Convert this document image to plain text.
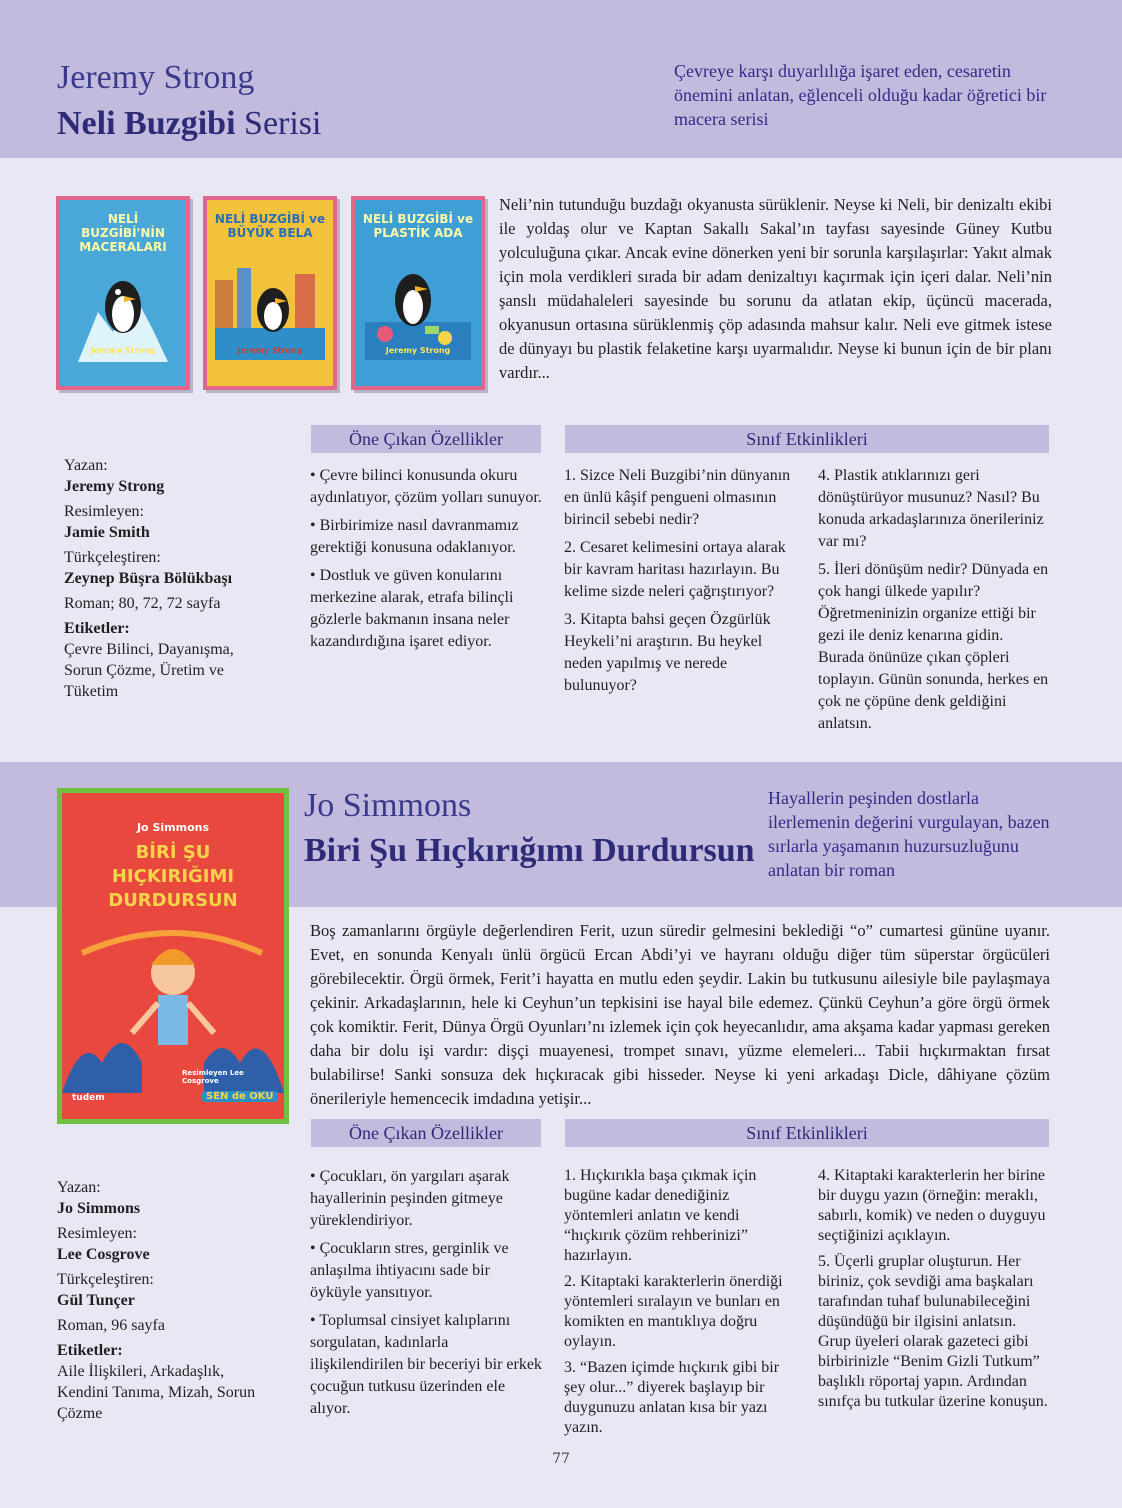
Jeremy Strong
Neli Buzgibi Serisi
Çevreye karşı duyarlılığa işaret eden, cesaretin önemini anlatan, eğlenceli olduğu kadar öğretici bir macera serisi
NELİ BUZGİBİ'NİN MACERALARI
Jeremy Strong
NELİ BUZGİBİ ve BÜYÜK BELA
Jeremy Strong
NELİ BUZGİBİ ve PLASTİK ADA
Jeremy Strong
Neli’nin tutunduğu buzdağı okyanusta sürüklenir. Neyse ki Neli, bir denizaltı ekibi ile yoldaş olur ve Kaptan Sakallı Sakal’ın tayfası sayesinde Güney Kutbu yolculuğuna çıkar. Ancak evine dönerken yeni bir sorunla karşılaşırlar: Yakıt almak için mola verdikleri sırada bir adam denizaltıyı kaçırmak için içeri dalar. Neli’nin şanslı müdahaleleri sayesinde bu sorunu da atlatan ekip, üçüncü macerada, okyanusun ortasına sürüklenmiş çöp adasında mahsur kalır. Neli eve gitmek istese de dünyayı bu plastik felaketine karşı uyarmalıdır. Neyse ki bunun için de bir planı vardır...
Öne Çıkan Özellikler	Sınıf Etkinlikleri
Yazan:
Jeremy Strong
Resimleyen:
Jamie Smith
Türkçeleştiren:
Zeynep Büşra Bölükbaşı
Roman; 80, 72, 72 sayfa
Etiketler:
Çevre Bilinci, Dayanışma, Sorun Çözme, Üretim ve Tüketim

• Çevre bilinci konusunda okuru aydınlatıyor, çözüm yolları sunuyor.

• Birbirimize nasıl davranmamız gerektiği konusuna odaklanıyor.

• Dostluk ve güven konularını merkezine alarak, etrafa bilinçli gözlerle bakmanın insana neler kazandırdığına işaret ediyor.

1. Sizce Neli Buzgibi’nin dünyanın en ünlü kâşif pengueni olmasının birincil sebebi nedir?

2. Cesaret kelimesini ortaya alarak bir kavram haritası hazırlayın. Bu kelime sizde neleri çağrıştırıyor?

3. Kitapta bahsi geçen Özgürlük Heykeli’ni araştırın. Bu heykel neden yapılmış ve nerede bulunuyor?

4. Plastik atıklarınızı geri dönüştürüyor musunuz? Nasıl? Bu konuda arkadaşlarınıza önerileriniz var mı?

5. İleri dönüşüm nedir? Dünyada en çok hangi ülkede yapılır? Öğretmeninizin organize ettiği bir gezi ile deniz kenarına gidin. Burada önünüze çıkan çöpleri toplayın. Günün sonunda, herkes en çok ne çöpüne denk geldiğini anlatsın.

Jo Simmons
BİRİ ŞU HIÇKIRIĞIMI DURDURSUN
Resimleyen Lee Cosgrove
tudem	SEN de OKU
Jo Simmons
Biri Şu Hıçkırığımı Durdursun
Hayallerin peşinden dostlarla ilerlemenin değerini vurgulayan, bazen sırlarla yaşamanın huzursuzluğunu anlatan bir roman
Boş zamanlarını örgüyle değerlendiren Ferit, uzun süredir gelmesini beklediği “o” cumartesi gününe uyanır. Evet, en sonunda Kenyalı ünlü örgücü Ercan Abdi’yi ve hayranı olduğu diğer tüm süperstar örgücüleri görebilecektir. Örgü örmek, Ferit’i hayatta en mutlu eden şeydir. Lakin bu tutkusunu ailesiyle bile paylaşmaya çekinir. Arkadaşlarının, hele ki Ceyhun’un tepkisini ise hayal bile edemez. Çünkü Ceyhun’a göre örgü örmek çok komiktir. Ferit, Dünya Örgü Oyunları’nı izlemek için çok heyecanlıdır, ama akşama kadar yapması gereken daha bir dolu işi vardır: dişçi muayenesi, trompet sınavı, yüzme elemeleri... Tabii hıçkırmaktan fırsat bulabilirse! Sanki sonsuza dek hıçkıracak gibi hisseder. Neyse ki yeni arkadaşı Dicle, dâhiyane çözüm önerileriyle hemencecik imdadına yetişir...
Öne Çıkan Özellikler	Sınıf Etkinlikleri
Yazan:
Jo Simmons
Resimleyen:
Lee Cosgrove
Türkçeleştiren:
Gül Tunçer
Roman, 96 sayfa
Etiketler:
Aile İlişkileri, Arkadaşlık, Kendini Tanıma, Mizah, Sorun Çözme

• Çocukları, ön yargıları aşarak hayallerinin peşinden gitmeye yüreklendiriyor.

• Çocukların stres, gerginlik ve anlaşılma ihtiyacını sade bir öyküyle yansıtıyor.

• Toplumsal cinsiyet kalıplarını sorgulatan, kadınlarla ilişkilendirilen bir beceriyi bir erkek çocuğun tutkusu üzerinden ele alıyor.

1. Hıçkırıkla başa çıkmak için bugüne kadar denediğiniz yöntemleri anlatın ve kendi “hıçkırık çözüm rehberinizi” hazırlayın.

2. Kitaptaki karakterlerin önerdiği yöntemleri sıralayın ve bunları en komikten en mantıklıya doğru oylayın.

3. “Bazen içimde hıçkırık gibi bir şey olur...” diyerek başlayıp bir duygunuzu anlatan kısa bir yazı yazın.

4. Kitaptaki karakterlerin her birine bir duygu yazın (örneğin: meraklı, sabırlı, komik) ve neden o duyguyu seçtiğinizi açıklayın.

5. Üçerli gruplar oluşturun. Her biriniz, çok sevdiği ama başkaları tarafından tuhaf bulunabileceğini düşündüğü bir ilgisini anlatsın. Grup üyeleri olarak gazeteci gibi birbirinizle “Benim Gizli Tutkum” başlıklı röportaj yapın. Ardından sınıfça bu tutkular üzerine konuşun.

77
